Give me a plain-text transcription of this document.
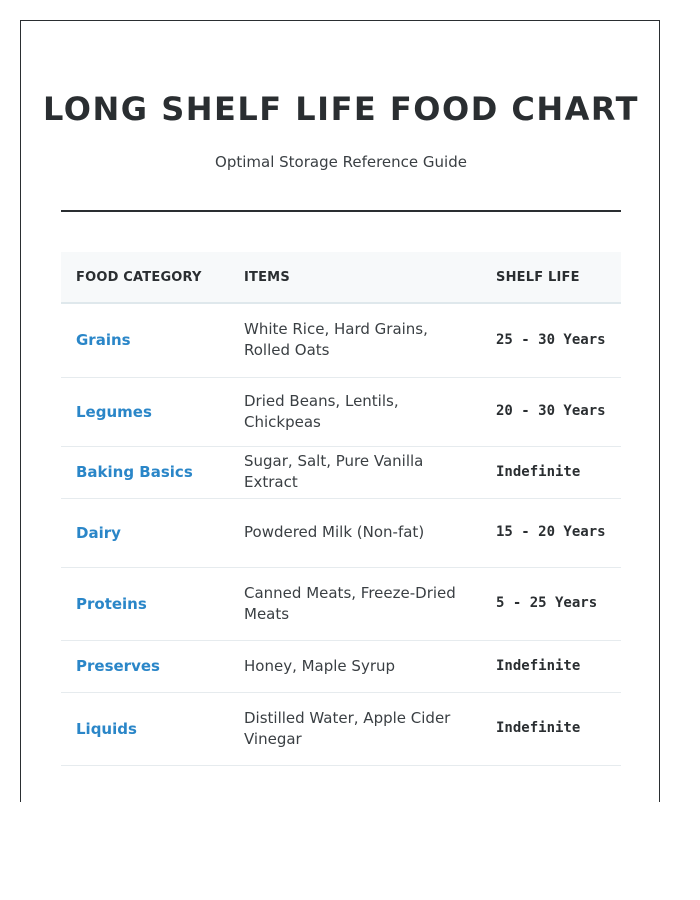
LONG SHELF LIFE FOOD CHART
Optimal Storage Reference Guide
FOOD CATEGORY	ITEMS	SHELF LIFE
Grains	White Rice, Hard Grains, Rolled Oats	25 - 30 Years
Legumes	Dried Beans, Lentils, Chickpeas	20 - 30 Years
Baking Basics	Sugar, Salt, Pure Vanilla Extract	Indefinite
Dairy	Powdered Milk (Non-fat)	15 - 20 Years
Proteins	Canned Meats, Freeze-Dried Meats	5 - 25 Years
Preserves	Honey, Maple Syrup	Indefinite
Liquids	Distilled Water, Apple Cider Vinegar	Indefinite
